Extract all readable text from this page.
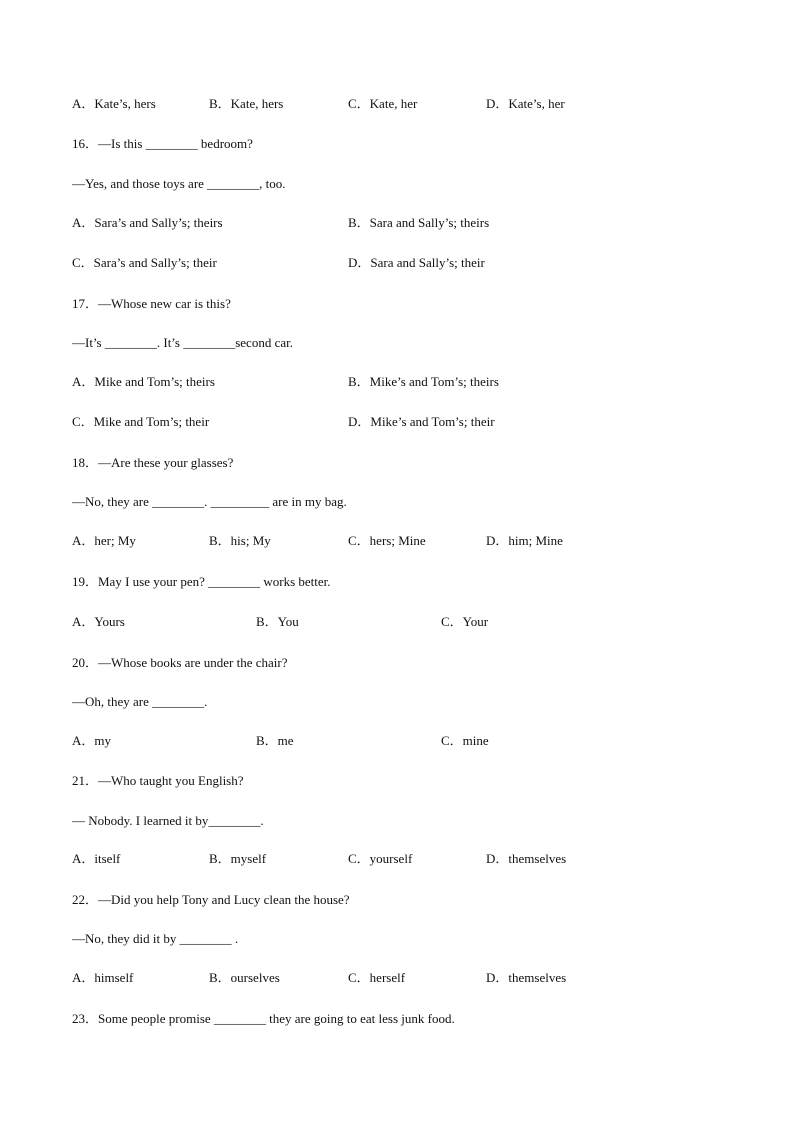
A．Kate’s, hers	B．Kate, hers	C．Kate, her	D．Kate’s, her
16．—Is this ________ bedroom?
—Yes, and those toys are ________, too.
A．Sara’s and Sally’s; theirs	B．Sara and Sally’s; theirs
C．Sara’s and Sally’s; their	D．Sara and Sally’s; their
17．—Whose new car is this?
—It’s ________. It’s ________second car.
A．Mike and Tom’s; theirs	B．Mike’s and Tom’s; theirs
C．Mike and Tom’s; their	D．Mike’s and Tom’s; their
18．—Are these your glasses?
—No, they are ________. _________ are in my bag.
A．her; My	B．his; My	C．hers; Mine	D．him; Mine
19．May I use your pen? ________ works better.
A．Yours	B．You	C．Your
20．—Whose books are under the chair?
—Oh, they are ________.
A．my	B．me	C．mine
21．—Who taught you English?
— Nobody. I learned it by________.
A．itself	B．myself	C．yourself	D．themselves
22．—Did you help Tony and Lucy clean the house?
—No, they did it by ________ .
A．himself	B．ourselves	C．herself	D．themselves
23．Some people promise ________ they are going to eat less junk food.
